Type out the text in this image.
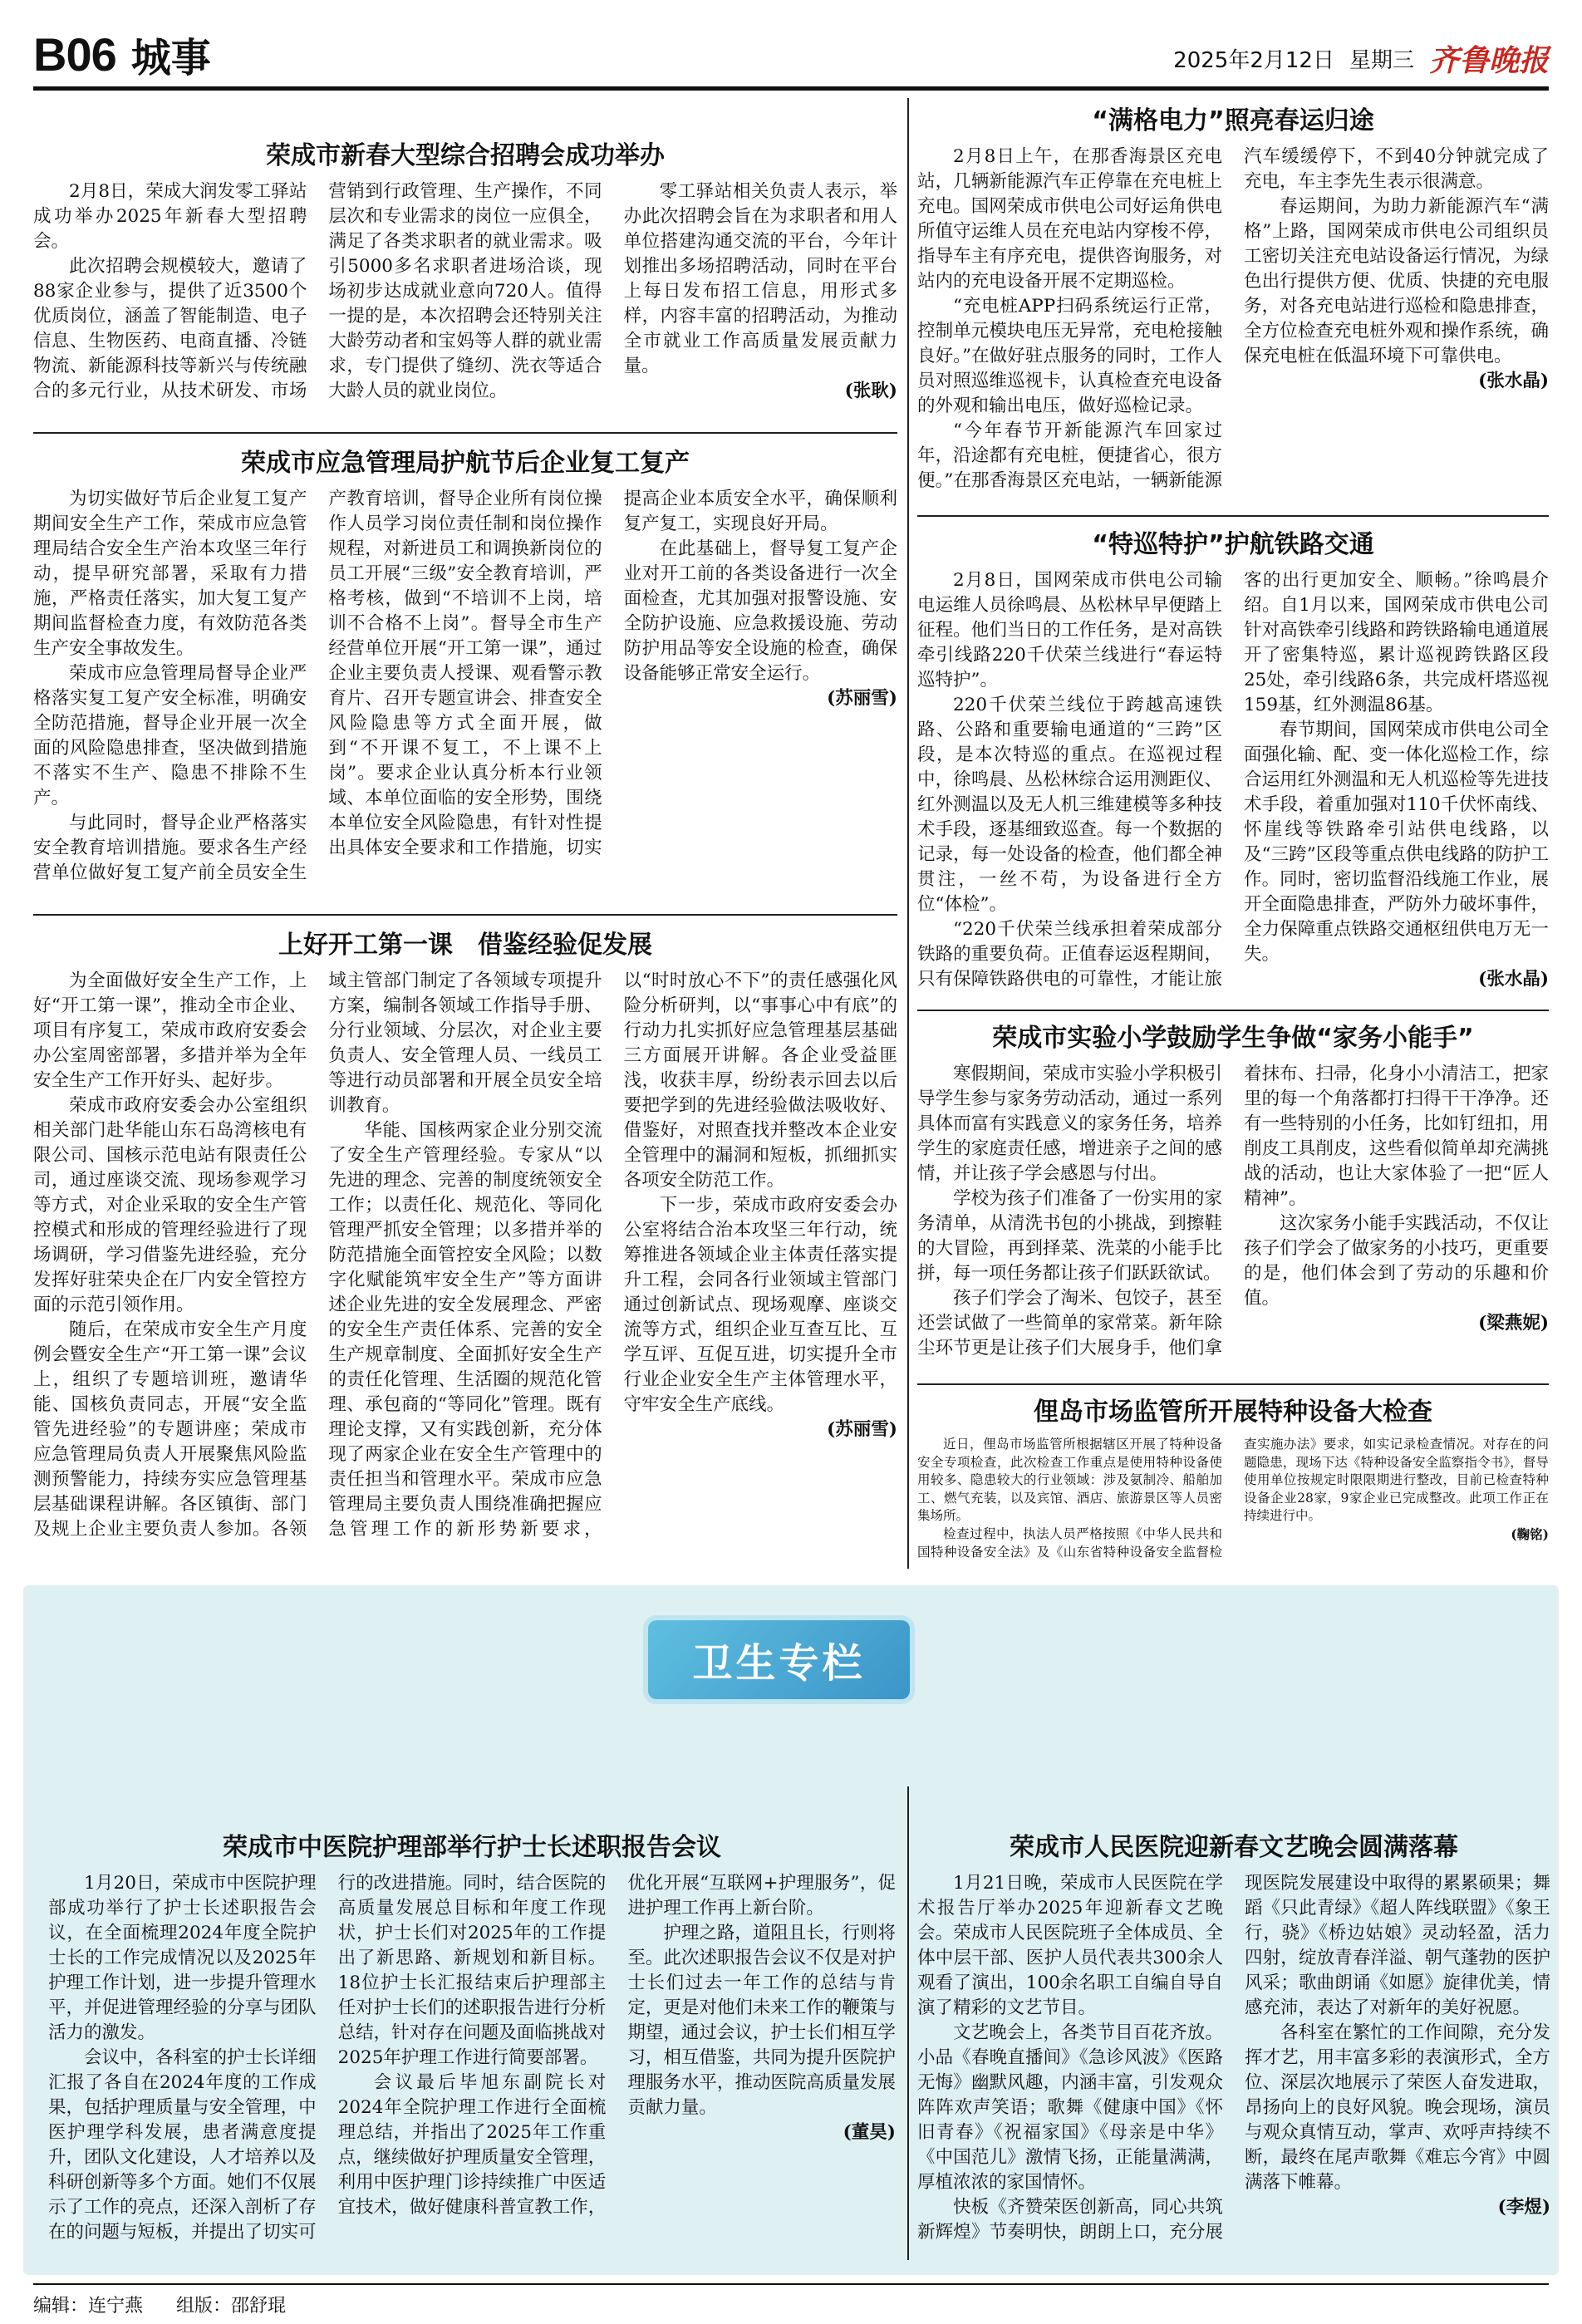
B06 城事	2025年2月12日 星期三 齐鲁晚报
荣成市新春大型综合招聘会成功举办

2月8日，荣成大润发零工驿站成功举办2025年新春大型招聘会。

此次招聘会规模较大，邀请了88家企业参与，提供了近3500个优质岗位，涵盖了智能制造、电子信息、生物医药、电商直播、冷链物流、新能源科技等新兴与传统融合的多元行业，从技术研发、市场营销到行政管理、生产操作，不同层次和专业需求的岗位一应俱全，满足了各类求职者的就业需求。吸引5000多名求职者进场洽谈，现场初步达成就业意向720人。值得一提的是，本次招聘会还特别关注大龄劳动者和宝妈等人群的就业需求，专门提供了缝纫、洗衣等适合大龄人员的就业岗位。

零工驿站相关负责人表示，举办此次招聘会旨在为求职者和用人单位搭建沟通交流的平台，今年计划推出多场招聘活动，同时在平台上每日发布招工信息，用形式多样，内容丰富的招聘活动，为推动全市就业工作高质量发展贡献力量。

(张耿)
荣成市应急管理局护航节后企业复工复产

为切实做好节后企业复工复产期间安全生产工作，荣成市应急管理局结合安全生产治本攻坚三年行动，提早研究部署，采取有力措施，严格责任落实，加大复工复产期间监督检查力度，有效防范各类生产安全事故发生。

荣成市应急管理局督导企业严格落实复工复产安全标准，明确安全防范措施，督导企业开展一次全面的风险隐患排查，坚决做到措施不落实不生产、隐患不排除不生产。

与此同时，督导企业严格落实安全教育培训措施。要求各生产经营单位做好复工复产前全员安全生产教育培训，督导企业所有岗位操作人员学习岗位责任制和岗位操作规程，对新进员工和调换新岗位的员工开展“三级”安全教育培训，严格考核，做到“不培训不上岗，培训不合格不上岗”。督导全市生产经营单位开展“开工第一课”，通过企业主要负责人授课、观看警示教育片、召开专题宣讲会、排查安全风险隐患等方式全面开展，做到“不开课不复工，不上课不上岗”。要求企业认真分析本行业领域、本单位面临的安全形势，围绕本单位安全风险隐患，有针对性提出具体安全要求和工作措施，切实提高企业本质安全水平，确保顺利复产复工，实现良好开局。

在此基础上，督导复工复产企业对开工前的各类设备进行一次全面检查，尤其加强对报警设施、安全防护设施、应急救援设施、劳动防护用品等安全设施的检查，确保设备能够正常安全运行。

(苏丽雪)
上好开工第一课　借鉴经验促发展

为全面做好安全生产工作，上好“开工第一课”，推动全市企业、项目有序复工，荣成市政府安委会办公室周密部署，多措并举为全年安全生产工作开好头、起好步。

荣成市政府安委会办公室组织相关部门赴华能山东石岛湾核电有限公司、国核示范电站有限责任公司，通过座谈交流、现场参观学习等方式，对企业采取的安全生产管控模式和形成的管理经验进行了现场调研，学习借鉴先进经验，充分发挥好驻荣央企在厂内安全管控方面的示范引领作用。

随后，在荣成市安全生产月度例会暨安全生产“开工第一课”会议上，组织了专题培训班，邀请华能、国核负责同志，开展“安全监管先进经验”的专题讲座；荣成市应急管理局负责人开展聚焦风险监测预警能力，持续夯实应急管理基层基础课程讲解。各区镇街、部门及规上企业主要负责人参加。各领域主管部门制定了各领域专项提升方案，编制各领域工作指导手册、分行业领域、分层次，对企业主要负责人、安全管理人员、一线员工等进行动员部署和开展全员安全培训教育。

华能、国核两家企业分别交流了安全生产管理经验。专家从“以先进的理念、完善的制度统领安全工作；以责任化、规范化、等同化管理严抓安全管理；以多措并举的防范措施全面管控安全风险；以数字化赋能筑牢安全生产”等方面讲述企业先进的安全发展理念、严密的安全生产责任体系、完善的安全生产规章制度、全面抓好安全生产的责任化管理、生活圈的规范化管理、承包商的“等同化”管理。既有理论支撑，又有实践创新，充分体现了两家企业在安全生产管理中的责任担当和管理水平。荣成市应急管理局主要负责人围绕准确把握应急管理工作的新形势新要求，以“时时放心不下”的责任感强化风险分析研判，以“事事心中有底”的行动力扎实抓好应急管理基层基础三方面展开讲解。各企业受益匪浅，收获丰厚，纷纷表示回去以后要把学到的先进经验做法吸收好、借鉴好，对照查找并整改本企业安全管理中的漏洞和短板，抓细抓实各项安全防范工作。

下一步，荣成市政府安委会办公室将结合治本攻坚三年行动，统筹推进各领域企业主体责任落实提升工程，会同各行业领域主管部门通过创新试点、现场观摩、座谈交流等方式，组织企业互查互比、互学互评、互促互进，切实提升全市行业企业安全生产主体管理水平，守牢安全生产底线。

(苏丽雪)
“满格电力”照亮春运归途

2月8日上午，在那香海景区充电站，几辆新能源汽车正停靠在充电桩上充电。国网荣成市供电公司好运角供电所值守运维人员在充电站内穿梭不停，指导车主有序充电，提供咨询服务，对站内的充电设备开展不定期巡检。

“充电桩APP扫码系统运行正常，控制单元模块电压无异常，充电枪接触良好。”在做好驻点服务的同时，工作人员对照巡维巡视卡，认真检查充电设备的外观和输出电压，做好巡检记录。

“今年春节开新能源汽车回家过年，沿途都有充电桩，便捷省心，很方便。”在那香海景区充电站，一辆新能源汽车缓缓停下，不到40分钟就完成了充电，车主李先生表示很满意。

春运期间，为助力新能源汽车“满格”上路，国网荣成市供电公司组织员工密切关注充电站设备运行情况，为绿色出行提供方便、优质、快捷的充电服务，对各充电站进行巡检和隐患排查，全方位检查充电桩外观和操作系统，确保充电桩在低温环境下可靠供电。

(张水晶)
“特巡特护”护航铁路交通

2月8日，国网荣成市供电公司输电运维人员徐鸣晨、丛松林早早便踏上征程。他们当日的工作任务，是对高铁牵引线路220千伏荣兰线进行“春运特巡特护”。

220千伏荣兰线位于跨越高速铁路、公路和重要输电通道的“三跨”区段，是本次特巡的重点。在巡视过程中，徐鸣晨、丛松林综合运用测距仪、红外测温以及无人机三维建模等多种技术手段，逐基细致巡查。每一个数据的记录，每一处设备的检查，他们都全神贯注，一丝不苟，为设备进行全方位“体检”。

“220千伏荣兰线承担着荣成部分铁路的重要负荷。正值春运返程期间，只有保障铁路供电的可靠性，才能让旅客的出行更加安全、顺畅。”徐鸣晨介绍。自1月以来，国网荣成市供电公司针对高铁牵引线路和跨铁路输电通道展开了密集特巡，累计巡视跨铁路区段25处，牵引线路6条，共完成杆塔巡视159基，红外测温86基。

春节期间，国网荣成市供电公司全面强化输、配、变一体化巡检工作，综合运用红外测温和无人机巡检等先进技术手段，着重加强对110千伏怀南线、怀崖线等铁路牵引站供电线路，以及“三跨”区段等重点供电线路的防护工作。同时，密切监督沿线施工作业，展开全面隐患排查，严防外力破坏事件，全力保障重点铁路交通枢纽供电万无一失。

(张水晶)
荣成市实验小学鼓励学生争做“家务小能手”

寒假期间，荣成市实验小学积极引导学生参与家务劳动活动，通过一系列具体而富有实践意义的家务任务，培养学生的家庭责任感，增进亲子之间的感情，并让孩子学会感恩与付出。

学校为孩子们准备了一份实用的家务清单，从清洗书包的小挑战，到擦鞋的大冒险，再到择菜、洗菜的小能手比拼，每一项任务都让孩子们跃跃欲试。

孩子们学会了淘米、包饺子，甚至还尝试做了一些简单的家常菜。新年除尘环节更是让孩子们大展身手，他们拿着抹布、扫帚，化身小小清洁工，把家里的每一个角落都打扫得干干净净。还有一些特别的小任务，比如钉纽扣，用削皮工具削皮，这些看似简单却充满挑战的活动，也让大家体验了一把“匠人精神”。

这次家务小能手实践活动，不仅让孩子们学会了做家务的小技巧，更重要的是，他们体会到了劳动的乐趣和价值。

(梁燕妮)
俚岛市场监管所开展特种设备大检查

近日，俚岛市场监管所根据辖区开展了特种设备安全专项检查，此次检查工作重点是使用特种设备使用较多、隐患较大的行业领域：涉及氨制冷、船舶加工、燃气充装，以及宾馆、酒店、旅游景区等人员密集场所。

检查过程中，执法人员严格按照《中华人民共和国特种设备安全法》及《山东省特种设备安全监督检查实施办法》要求，如实记录检查情况。对存在的问题隐患，现场下达《特种设备安全监察指令书》，督导使用单位按规定时限限期进行整改，目前已检查特种设备企业28家，9家企业已完成整改。此项工作正在持续进行中。

(鞠铭)
卫生专栏
荣成市中医院护理部举行护士长述职报告会议

1月20日，荣成市中医院护理部成功举行了护士长述职报告会议，在全面梳理2024年度全院护士长的工作完成情况以及2025年护理工作计划，进一步提升管理水平，并促进管理经验的分享与团队活力的激发。

会议中，各科室的护士长详细汇报了各自在2024年度的工作成果，包括护理质量与安全管理，中医护理学科发展，患者满意度提升，团队文化建设，人才培养以及科研创新等多个方面。她们不仅展示了工作的亮点，还深入剖析了存在的问题与短板，并提出了切实可行的改进措施。同时，结合医院的高质量发展总目标和年度工作现状，护士长们对2025年的工作提出了新思路、新规划和新目标。18位护士长汇报结束后护理部主任对护士长们的述职报告进行分析总结，针对存在问题及面临挑战对2025年护理工作进行简要部署。

会议最后毕旭东副院长对2024年全院护理工作进行全面梳理总结，并指出了2025年工作重点，继续做好护理质量安全管理，利用中医护理门诊持续推广中医适宜技术，做好健康科普宣教工作，优化开展“互联网+护理服务”，促进护理工作再上新台阶。

护理之路，道阻且长，行则将至。此次述职报告会议不仅是对护士长们过去一年工作的总结与肯定，更是对他们未来工作的鞭策与期望，通过会议，护士长们相互学习，相互借鉴，共同为提升医院护理服务水平，推动医院高质量发展贡献力量。

(董昊)
荣成市人民医院迎新春文艺晚会圆满落幕

1月21日晚，荣成市人民医院在学术报告厅举办2025年迎新春文艺晚会。荣成市人民医院班子全体成员、全体中层干部、医护人员代表共300余人观看了演出，100余名职工自编自导自演了精彩的文艺节目。

文艺晚会上，各类节目百花齐放。小品《春晚直播间》《急诊风波》《医路无悔》幽默风趣，内涵丰富，引发观众阵阵欢声笑语；歌舞《健康中国》《怀旧青春》《祝福家国》《母亲是中华》《中国范儿》激情飞扬，正能量满满，厚植浓浓的家国情怀。

快板《齐赞荣医创新高，同心共筑新辉煌》节奏明快，朗朗上口，充分展现医院发展建设中取得的累累硕果；舞蹈《只此青绿》《超人阵线联盟》《象王行，骁》《桥边姑娘》灵动轻盈，活力四射，绽放青春洋溢、朝气蓬勃的医护风采；歌曲朗诵《如愿》旋律优美，情感充沛，表达了对新年的美好祝愿。

各科室在繁忙的工作间隙，充分发挥才艺，用丰富多彩的表演形式，全方位、深层次地展示了荣医人奋发进取，昂扬向上的良好风貌。晚会现场，演员与观众真情互动，掌声、欢呼声持续不断，最终在尾声歌舞《难忘今宵》中圆满落下帷幕。

(李煜)
编辑：连宁燕 组版：邵舒琨
